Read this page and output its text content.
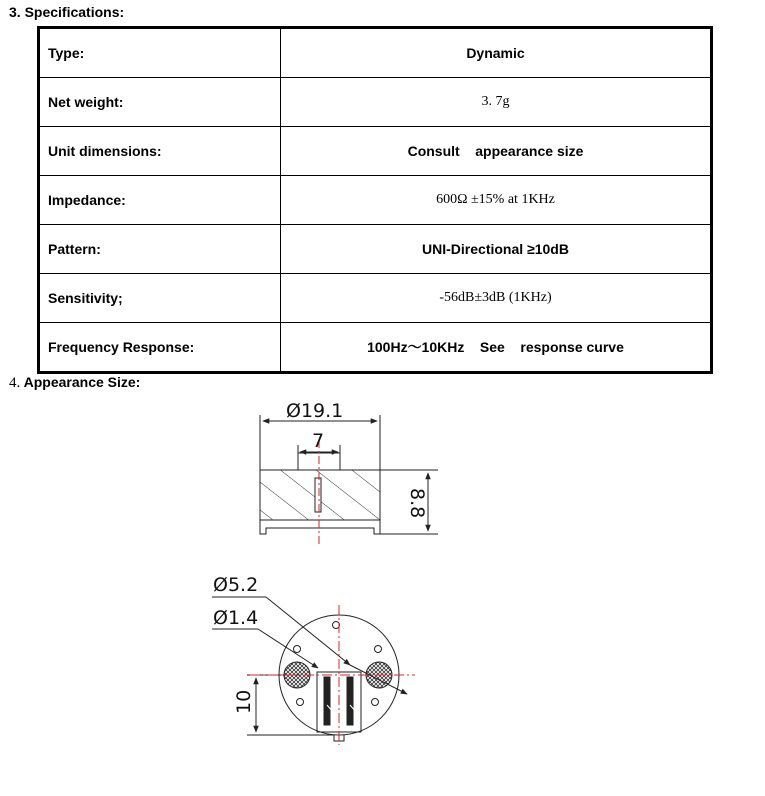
3. Specifications:
Type:	Dynamic
Net weight:	3. 7g
Unit dimensions:	Consult    appearance size
Impedance:	600Ω ±15% at 1KHz
Pattern:	UNI-Directional ≥10dB
Sensitivity;	-56dB±3dB (1KHz)
Frequency Response:	100Hz～10KHz    See    response curve
4. Appearance Size:
Ø19.1
7
8.8
Ø5.2
Ø1.4
10
